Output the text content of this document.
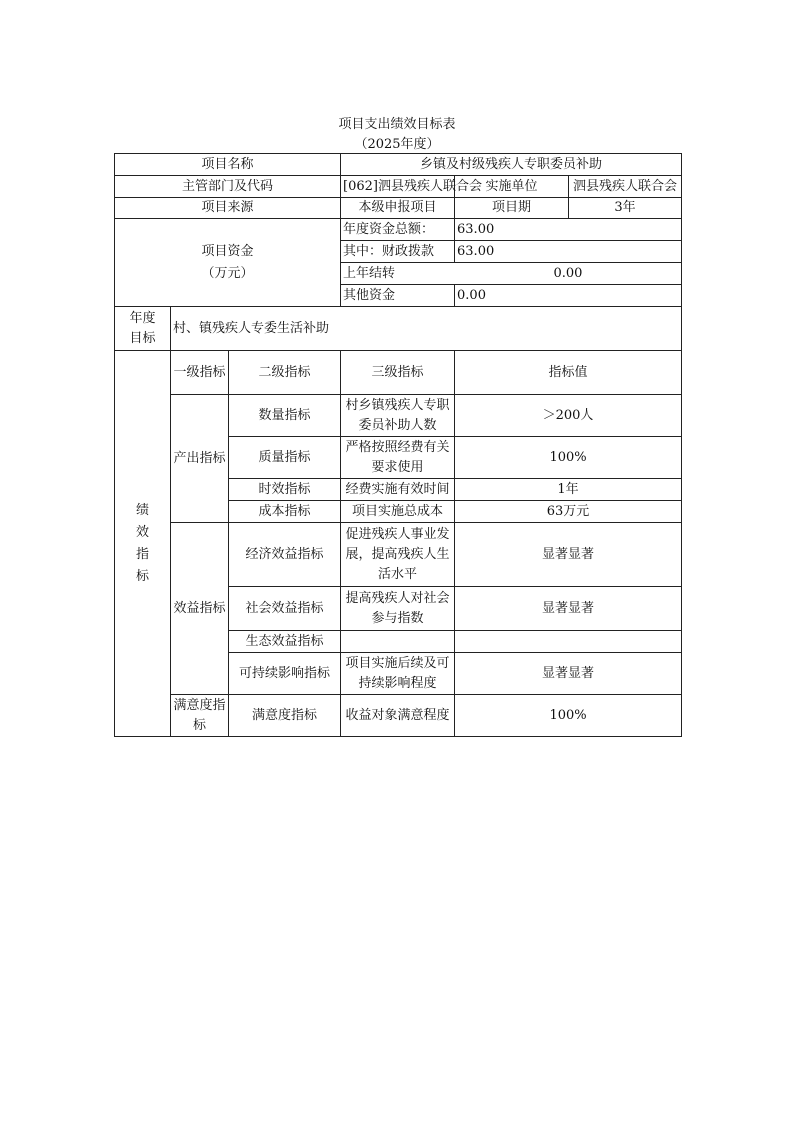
项目支出绩效目标表
（2025年度）
项目名称			乡镇及村级残疾人专职委员补助		
主管部门及代码			[062]泗县残疾人联合会	实施单位	泗县残疾人联合会
项目来源			本级申报项目	项目期	3年

项目资金
（万元）			年度资金总额：	63.00	
			其中：财政拨款	63.00	
			上年结转 0.00		

			其他资金	0.00	

年度
目标	村、镇残疾人专委生活补助				
绩效指标	一级指标	二级指标	三级指标	指标值	
	产出指标	数量指标	村乡镇残疾人专职委员补助人数	＞200人	
		质量指标	严格按照经费有关要求使用	100%	
		时效指标	经费实施有效时间	1年	
		成本指标	项目实施总成本	63万元	
	效益指标	经济效益指标	促进残疾人事业发展，提高残疾人生活水平	显著显著	
		社会效益指标	提高残疾人对社会参与指数	显著显著	
		生态效益指标			
		可持续影响指标	项目实施后续及可持续影响程度	显著显著	
	满意度指标	满意度指标	收益对象满意程度	100%	
